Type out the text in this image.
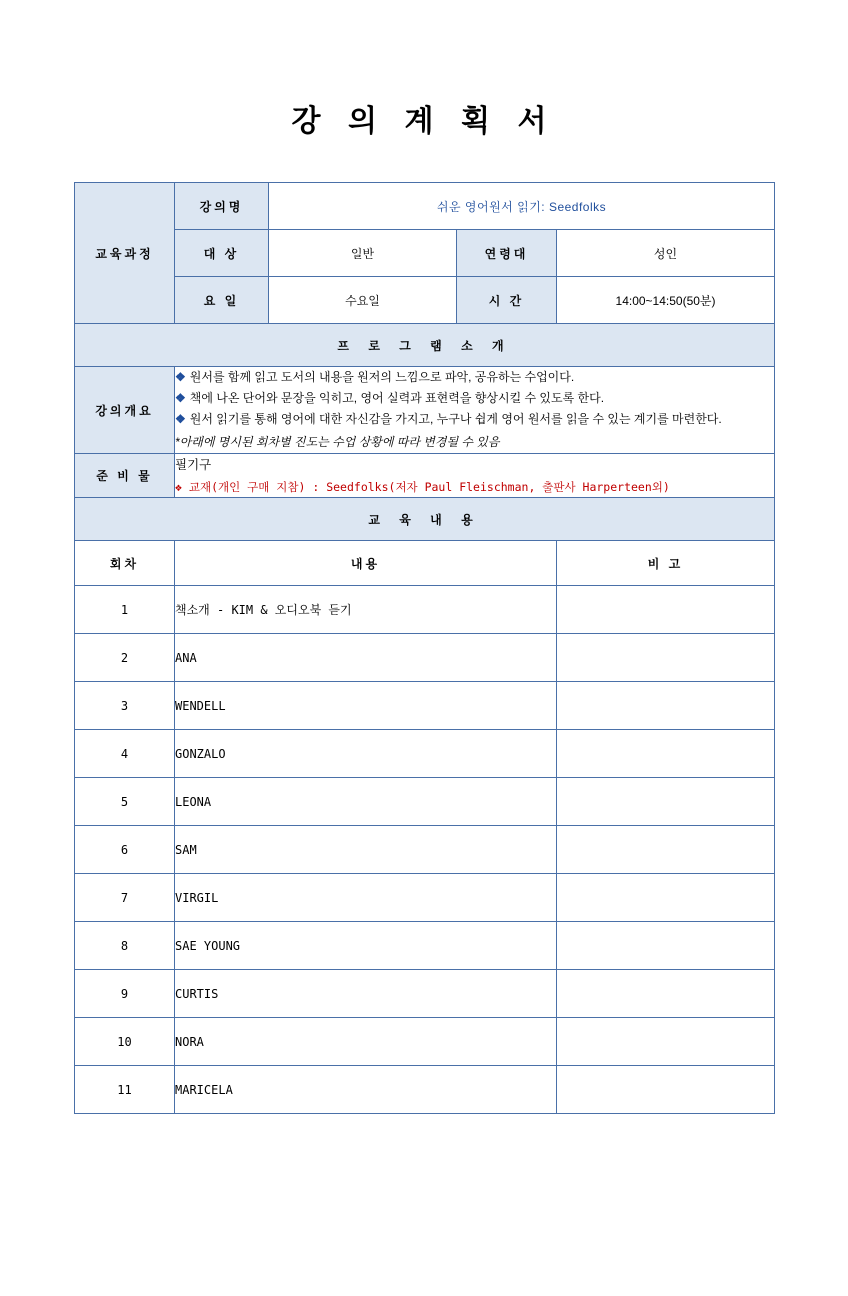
강 의 계 획 서
교육과정	강의명	쉬운 영어원서 읽기: Seedfolks		
	대 상	일반	연령대	성인
	요 일	수요일	시 간	14:00~14:50(50분)
프 로 그 램 소 개				
강의개요	❖ 원서를 함께 읽고 도서의 내용을 원저의 느낌으로 파악, 공유하는 수업이다.
❖ 책에 나온 단어와 문장을 익히고, 영어 실력과 표현력을 향상시킬 수 있도록 한다.
❖ 원서 읽기를 통해 영어에 대한 자신감을 가지고, 누구나 쉽게 영어 원서를 읽을 수 있는 계기를 마련한다.
*아래에 명시된 회차별 진도는 수업 상황에 따라 변경될 수 있음			

준 비 물	필기구
❖ 교재(개인 구매 지참) : Seedfolks(저자 Paul Fleischman, 출판사 Harperteen외)			

교 육 내 용				
회차	내용			비 고
1	책소개 - KIM & 오디오북 듣기			
2	ANA			
3	WENDELL			
4	GONZALO			
5	LEONA			
6	SAM			
7	VIRGIL			
8	SAE YOUNG			
9	CURTIS			
10	NORA			
11	MARICELA			
